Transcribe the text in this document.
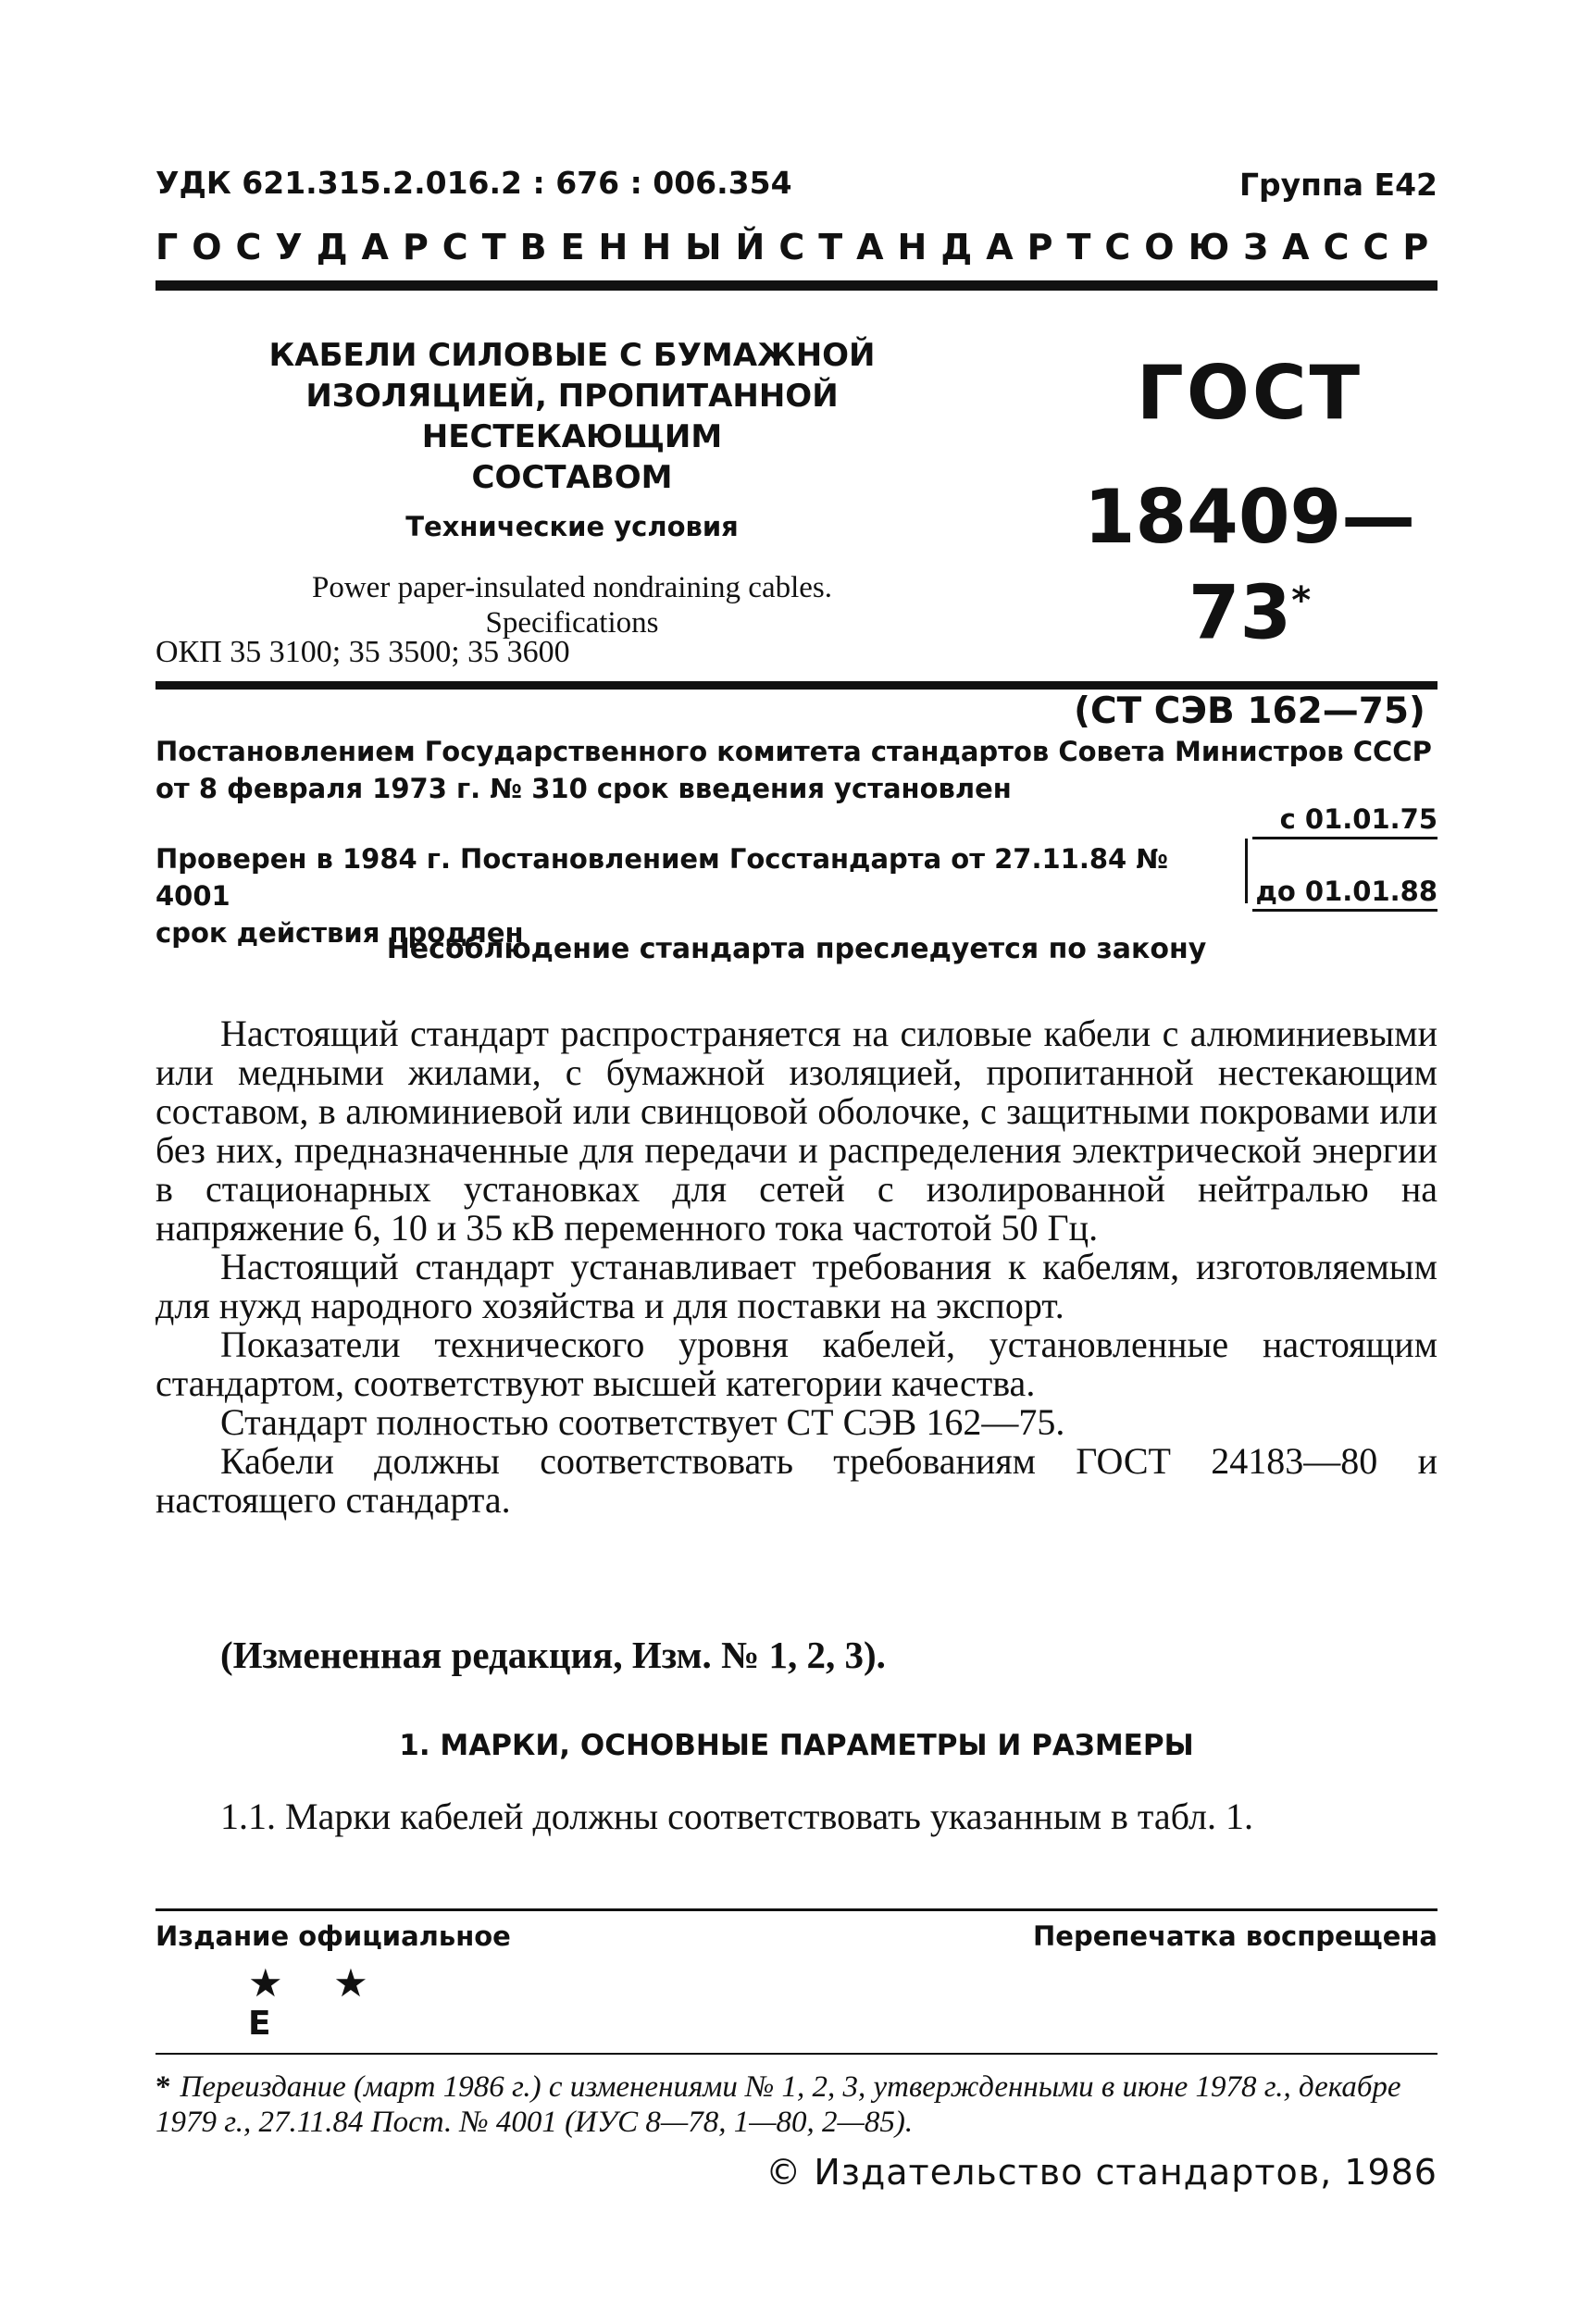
УДК 621.315.2.016.2 : 676 : 006.354	Группа Е42
ГОСУДАРСТВЕННЫЙ СТАНДАРТ СОЮЗА ССР
КАБЕЛИ СИЛОВЫЕ С БУМАЖНОЙ
ИЗОЛЯЦИЕЙ, ПРОПИТАННОЙ НЕСТЕКАЮЩИМ
СОСТАВОМ
Технические условия
Power paper-insulated nondraining cables.
Specifications
ГОСТ
18409—73*
(СТ СЭВ 162—75)
ОКП 35 3100; 35 3500; 35 3600
Постановлением Государственного комитета стандартов Совета Министров СССР
от 8 февраля 1973 г. № 310 срок введения установлен
с 01.01.75
Проверен в 1984 г. Постановлением Госстандарта от 27.11.84 № 4001
срок действия продлен
до 01.01.88
Несоблюдение стандарта преследуется по закону

Настоящий стандарт распространяется на силовые кабели с алюминиевыми или медными жилами, с бумажной изоляцией, пропитанной нестекающим составом, в алюминиевой или свинцовой оболочке, с защитными покровами или без них, предназначенные для передачи и распределения электрической энергии в стационарных установках для сетей с изолированной нейтралью на напряжение 6, 10 и 35 кВ переменного тока частотой 50 Гц.

Настоящий стандарт устанавливает требования к кабелям, изготовляемым для нужд народного хозяйства и для поставки на экспорт.

Показатели технического уровня кабелей, установленные настоящим стандартом, соответствуют высшей категории качества.

Стандарт полностью соответствует СТ СЭВ 162—75.

Кабели должны соответствовать требованиям ГОСТ 24183—80 и настоящего стандарта.

(Измененная редакция, Изм. № 1, 2, 3).
1. МАРКИ, ОСНОВНЫЕ ПАРАМЕТРЫ И РАЗМЕРЫ

1.1. Марки кабелей должны соответствовать указанным в табл. 1.

Издание официальное	Перепечатка воспрещена
★ ★
Е
* Переиздание (март 1986 г.) с изменениями № 1, 2, 3, утвержденными в июне 1978 г., декабре 1979 г., 27.11.84 Пост. № 4001 (ИУС 8—78, 1—80, 2—85).
© Издательство стандартов, 1986
